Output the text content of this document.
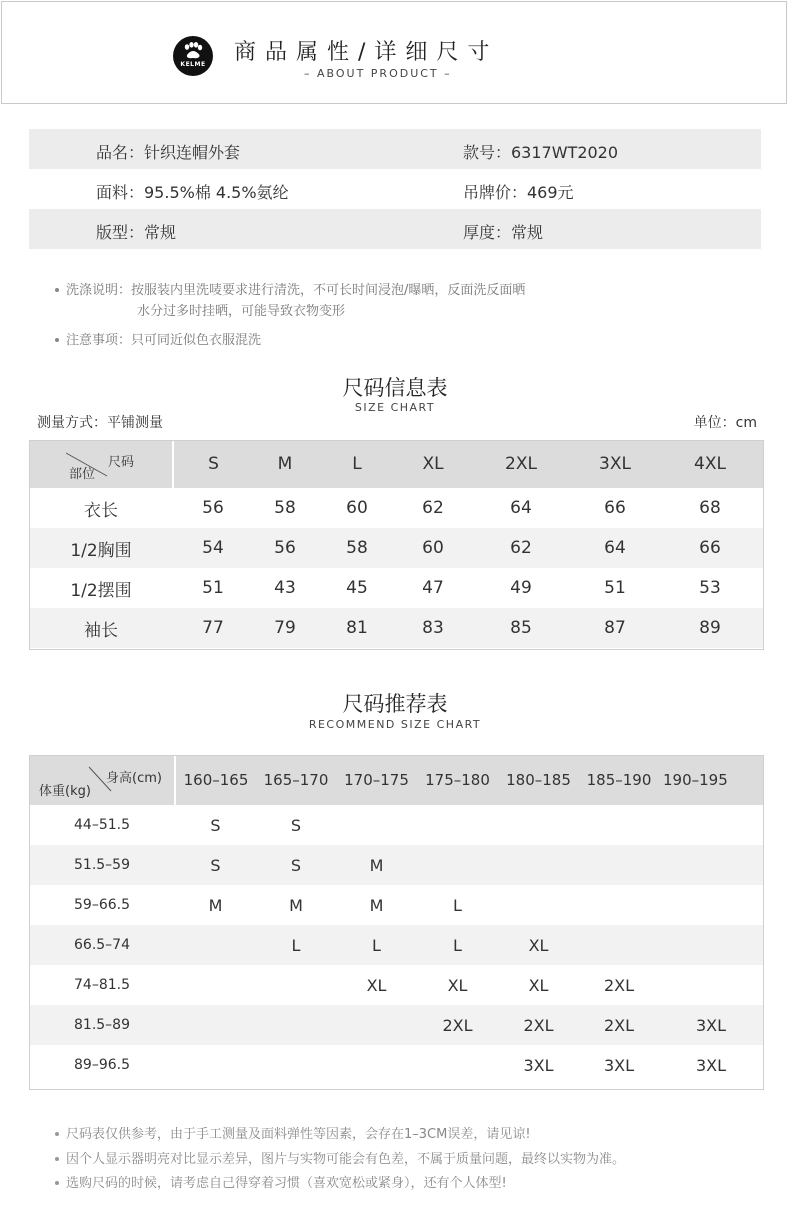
KELME	商品属性/详细尺寸
– ABOUT PRODUCT –
品名：针织连帽外套	款号：6317WT2020
面料：95.5%棉 4.5%氨纶	吊牌价：469元
版型：常规	厚度：常规
洗涤说明：按服装内里洗唛要求进行清洗，不可长时间浸泡/曝晒，反面洗反面晒
水分过多时挂晒，可能导致衣物变形
注意事项：只可同近似色衣服混洗
尺码信息表
SIZE CHART
测量方式：平铺测量	单位：cm
尺码
部位	S	M	L	XL	2XL	3XL	4XL
衣长	56	58	60	62	64	66	68
1/2胸围	54	56	58	60	62	64	66
1/2摆围	51	43	45	47	49	51	53
袖长	77	79	81	83	85	87	89
尺码推荐表
RECOMMEND SIZE CHART
身高(cm)
体重(kg)	160–165	165–170	170–175	175–180	180–185	185–190	190–195
44–51.5	S	S					
51.5–59	S	S	M				
59–66.5	M	M	M	L			
66.5–74		L	L	L	XL		
74–81.5			XL	XL	XL	2XL	
81.5–89				2XL	2XL	2XL	3XL
89–96.5					3XL	3XL	3XL
尺码表仅供参考，由于手工测量及面料弹性等因素，会存在1–3CM误差，请见谅!
因个人显示器明亮对比显示差异，图片与实物可能会有色差，不属于质量问题，最终以实物为准。
选购尺码的时候，请考虑自己得穿着习惯（喜欢宽松或紧身），还有个人体型!
